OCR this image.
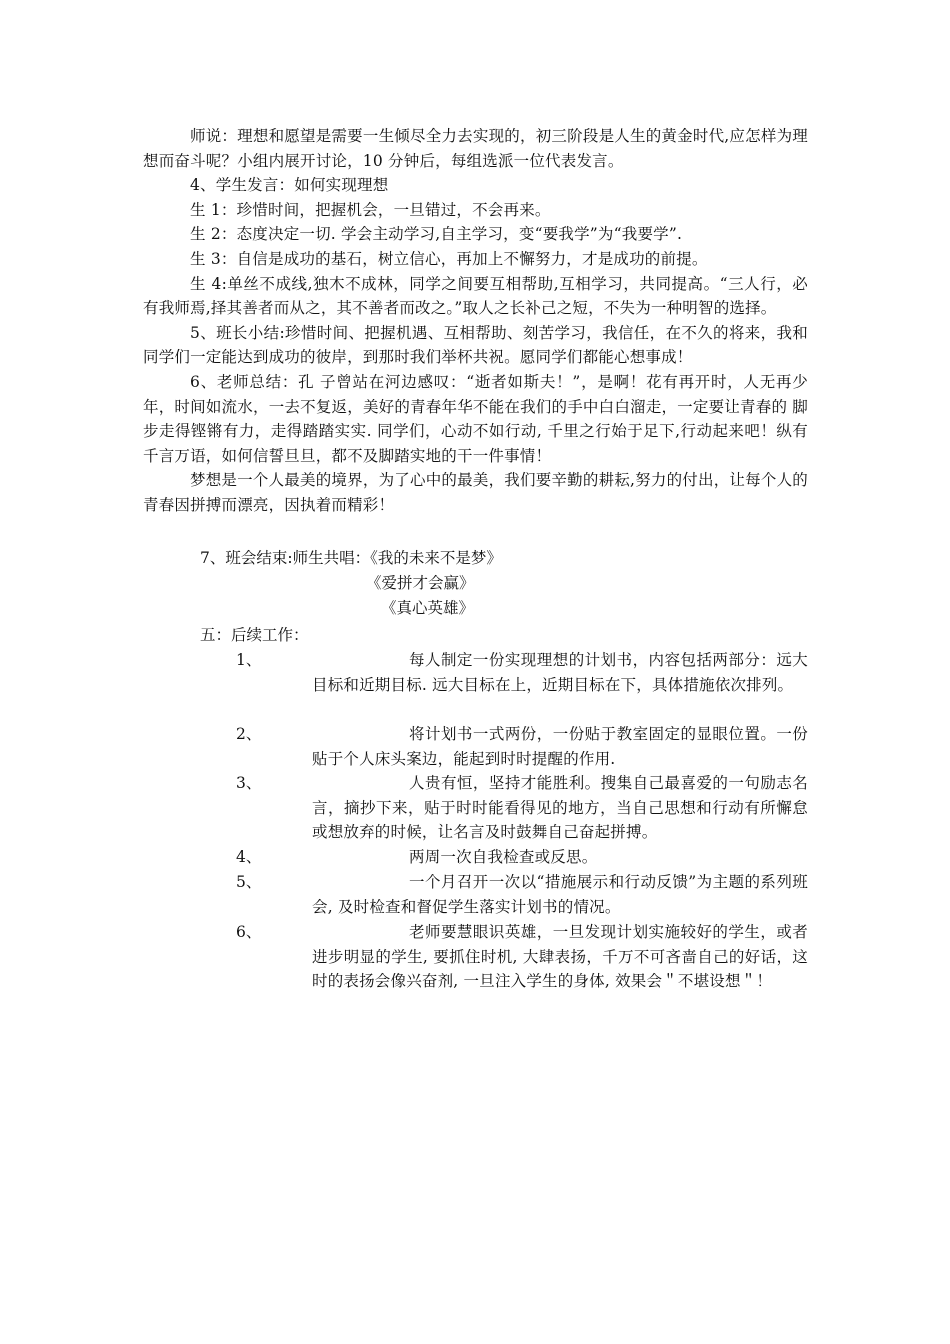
师说：理想和愿望是需要一生倾尽全力去实现的，初三阶段是人生的黄金时代,应怎样为理想而奋斗呢？小组内展开讨论，10 分钟后，每组选派一位代表发言。

4、学生发言：如何实现理想

生 1：珍惜时间，把握机会，一旦错过，不会再来。

生 2：态度决定一切. 学会主动学习,自主学习，变“要我学”为“我要学”.

生 3：自信是成功的基石，树立信心，再加上不懈努力，才是成功的前提。

生 4:单丝不成线,独木不成林，同学之间要互相帮助,互相学习，共同提高。“三人行，必有我师焉,择其善者而从之，其不善者而改之。”取人之长补己之短，不失为一种明智的选择。

5、班长小结:珍惜时间、把握机遇、互相帮助、刻苦学习，我信任，在不久的将来，我和同学们一定能达到成功的彼岸，到那时我们举杯共祝。愿同学们都能心想事成！

6、老师总结：孔 子曾站在河边感叹：“逝者如斯夫！”，是啊！花有再开时，人无再少年，时间如流水，一去不复返，美好的青春年华不能在我们的手中白白溜走，一定要让青春的 脚步走得铿锵有力，走得踏踏实实. 同学们，心动不如行动, 千里之行始于足下,行动起来吧！纵有千言万语，如何信誓旦旦，都不及脚踏实地的干一件事情！

梦想是一个人最美的境界，为了心中的最美，我们要辛勤的耕耘,努力的付出，让每个人的青春因拼搏而漂亮，因执着而精彩！

7、班会结束:师生共唱：《我的未来不是梦》
《爱拼才会赢》
《真心英雄》
五：后续工作：
1、	每人制定一份实现理想的计划书，内容包括两部分：远大目标和近期目标. 远大目标在上，近期目标在下，具体措施依次排列。
2、	将计划书一式两份，一份贴于教室固定的显眼位置。一份贴于个人床头案边，能起到时时提醒的作用.
3、	人贵有恒，坚持才能胜利。搜集自己最喜爱的一句励志名言，摘抄下来，贴于时时能看得见的地方，当自己思想和行动有所懈怠或想放弃的时候，让名言及时鼓舞自己奋起拼搏。
4、	两周一次自我检查或反思。
5、	一个月召开一次以“措施展示和行动反馈”为主题的系列班会, 及时检查和督促学生落实计划书的情况。
6、	老师要慧眼识英雄，一旦发现计划实施较好的学生，或者进步明显的学生, 要抓住时机, 大肆表扬，千万不可吝啬自己的好话，这时的表扬会像兴奋剂, 一旦注入学生的身体, 效果会＂不堪设想＂！
